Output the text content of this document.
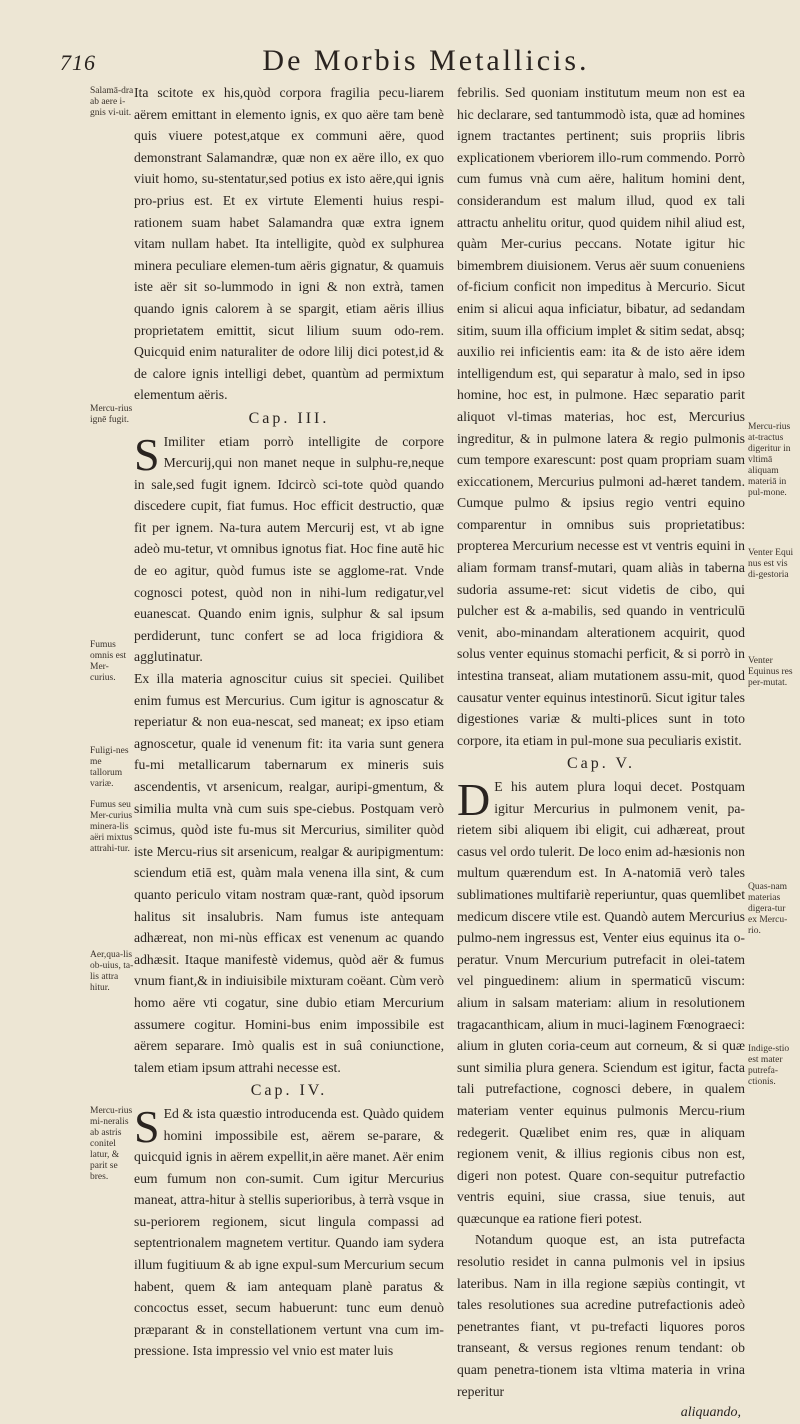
716	De Morbis Metallicis.
Salamā-dra ab aere i-gnis vi-uit.
Mercu-rius ignē fugit.
Fumus omnis est Mer-curius.
Fuligi-nes me tallorum variæ.
Fumus seu Mer-curius minera-lis aëri mixtus attrahi-tur.
Aer,qua-lis ob-uius, ta-lis attra hitur.
Mercu-rius mi-neralis ab astris conitel latur, & parit se bres.
Mercu-rius at-tractus digeritur in vltimā aliquam materiā in pul-mone.
Venter Equi nus est vis di-gestoria
Venter Equinus res per-mutat.
Quas-nam materias digera-tur ex Mercu-rio.
Indige-stio est mater putrefa-ctionis.

Ita scitote ex his,quòd corpora fragilia pecu-liarem aërem emittant in elemento ignis, ex quo aëre tam benè quis viuere potest,atque ex communi aëre, quod demonstrant Salamandræ, quæ non ex aëre illo, ex quo viuit homo, su-stentatur,sed potius ex isto aëre,qui ignis pro-prius est. Et ex virtute Elementi huius respi-rationem suam habet Salamandra quæ extra ignem vitam nullam habet. Ita intelligite, quòd ex sulphurea minera peculiare elemen-tum aëris gignatur, & quamuis iste aër sit so-lummodo in igni & non extrà, tamen quando ignis calorem à se spargit, etiam aëris illius proprietatem emittit, sicut lilium suum odo-rem. Quicquid enim naturaliter de odore lilij dici potest,id & de calore ignis intelligi debet, quantùm ad permixtum elementum aëris.

Cap. III.

S Imiliter etiam porrò intelligite de corpore Mercurij,qui non manet neque in sulphu-re,neque in sale,sed fugit ignem. Idcircò sci-tote quòd quando discedere cupit, fiat fumus. Hoc efficit destructio, quæ fit per ignem. Na-tura autem Mercurij est, vt ab igne adeò mu-tetur, vt omnibus ignotus fiat. Hoc fine autē hic de eo agitur, quòd fumus iste se agglome-rat. Vnde cognosci potest, quòd non in nihi-lum redigatur,vel euanescat. Quando enim ignis, sulphur & sal ipsum perdiderunt, tunc confert se ad loca frigidiora & agglutinatur.

Ex illa materia agnoscitur cuius sit speciei. Quilibet enim fumus est Mercurius. Cum igitur is agnoscatur & reperiatur & non eua-nescat, sed maneat; ex ipso etiam agnoscetur, quale id venenum fit: ita varia sunt genera fu-mi metallicarum tabernarum ex mineris suis ascendentis, vt arsenicum, realgar, auripi-gmentum, & similia multa vnà cum suis spe-ciebus. Postquam verò scimus, quòd iste fu-mus sit Mercurius, similiter quòd iste Mercu-rius sit arsenicum, realgar & auripigmentum: sciendum etiā est, quàm mala venena illa sint, & cum quanto periculo vitam nostram quæ-rant, quòd ipsorum halitus sit insalubris. Nam fumus iste antequam adhæreat, non mi-nùs efficax est venenum ac quando adhæsit. Itaque manifestè videmus, quòd aër & fumus vnum fiant,& in indiuisibile mixturam coëant. Cùm verò homo aëre vti cogatur, sine dubio etiam Mercurium assumere cogitur. Homini-bus enim impossibile est aërem separare. Imò qualis est in suâ coniunctione, talem etiam ipsum attrahi necesse est.

Cap. IV.

S Ed & ista quæstio introducenda est. Quàdo quidem homini impossibile est, aërem se-parare, & quicquid ignis in aërem expellit,in aëre manet. Aër enim eum fumum non con-sumit. Cum igitur Mercurius maneat, attra-hitur à stellis superioribus, à terrà vsque in su-periorem regionem, sicut lingula compassi ad septentrionalem magnetem vertitur. Quando iam sydera illum fugitiuum & ab igne expul-sum Mercurium secum habent, quem & iam antequam planè paratus & concoctus esset, secum habuerunt: tunc eum denuò præparant & in constellationem vertunt vna cum im-pressione. Ista impressio vel vnio est mater luis

febrilis. Sed quoniam institutum meum non est ea hic declarare, sed tantummodò ista, quæ ad homines ignem tractantes pertinent; suis propriis libris explicationem vberiorem illo-rum commendo. Porrò cum fumus vnà cum aëre, halitum homini dent, considerandum est malum illud, quod ex tali attractu anhelitu oritur, quod quidem nihil aliud est, quàm Mer-curius peccans. Notate igitur hic bimembrem diuisionem. Verus aër suum conueniens of-ficium conficit non impeditus à Mercurio. Sicut enim si alicui aqua inficiatur, bibatur, ad sedandam sitim, suum illa officium implet & sitim sedat, absq; auxilio rei inficientis eam: ita & de isto aëre idem intelligendum est, qui separatur à malo, sed in ipso homine, hoc est, in pulmone. Hæc separatio parit aliquot vl-timas materias, hoc est, Mercurius ingreditur, & in pulmone latera & regio pulmonis cum tempore exarescunt: post quam propriam suam exiccationem, Mercurius pulmoni ad-hæret tandem. Cumque pulmo & ipsius regio ventri equino comparentur in omnibus suis proprietatibus: propterea Mercurium necesse est vt ventris equini in aliam formam transf-mutari, quam aliàs in taberna sudoria assume-ret: sicut videtis de cibo, qui pulcher est & a-mabilis, sed quando in ventriculū venit, abo-minandam alterationem acquirit, quod solus venter equinus stomachi perficit, & si porrò in intestina transeat, aliam mutationem assu-mit, quod causatur venter equinus intestinorū. Sicut igitur tales digestiones variæ & multi-plices sunt in toto corpore, ita etiam in pul-mone sua peculiaris existit.

Cap. V.

D E his autem plura loqui decet. Postquam igitur Mercurius in pulmonem venit, pa-rietem sibi aliquem ibi eligit, cui adhæreat, prout casus vel ordo tulerit. De loco enim ad-hæsionis non multum quærendum est. In A-natomiā verò tales sublimationes multifariè reperiuntur, quas quemlibet medicum discere vtile est. Quandò autem Mercurius pulmo-nem ingressus est, Venter eius equinus ita o-peratur. Vnum Mercurium putrefacit in olei-tatem vel pinguedinem: alium in spermaticū viscum: alium in salsam materiam: alium in resolutionem tragacanthicam, alium in muci-laginem Fœnograeci: alium in gluten coria-ceum aut corneum, & si quæ sunt similia plura genera. Sciendum est igitur, facta tali putrefactione, cognosci debere, in qualem materiam venter equinus pulmonis Mercu-rium redegerit. Quælibet enim res, quæ in aliquam regionem venit, & illius regionis cibus non est, digeri non potest. Quare con-sequitur putrefactio ventris equini, siue crassa, siue tenuis, aut quæcunque ea ratione fieri potest.

Notandum quoque est, an ista putrefacta resolutio residet in canna pulmonis vel in ipsius lateribus. Nam in illa regione sæpiùs contingit, vt tales resolutiones sua acredine putrefactionis adeò penetrantes fiant, vt pu-trefacti liquores poros transeant, & versus regiones renum tendant: ob quam penetra-tionem ista vltima materia in vrina reperitur

aliquando,
